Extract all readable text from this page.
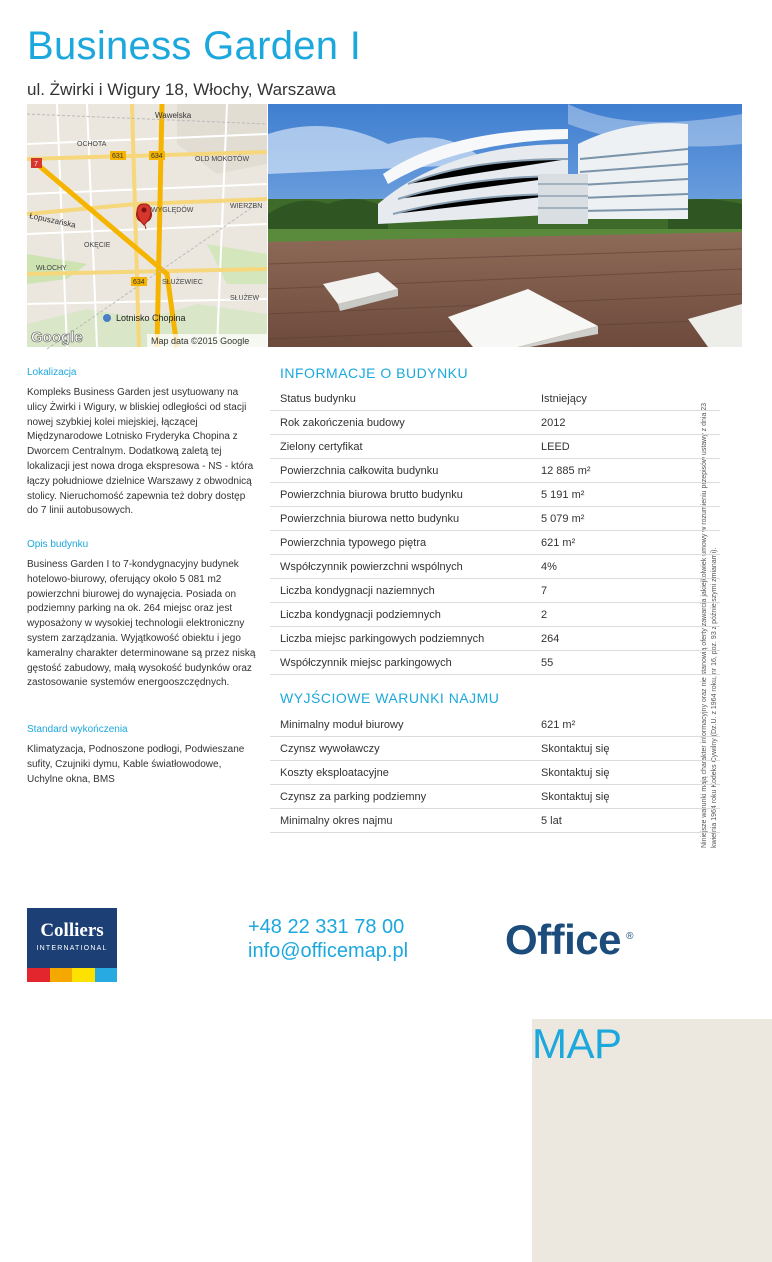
Business Garden I
ul. Żwirki i Wigury 18, Włochy, Warszawa
Wawelska
OCHOTA
631	634
7
OLD MOKOTÓW
Łopuszańska
WYGLĘDÓW
WIERZBN
OKĘCIE
WŁOCHY
634 SŁUŻEWIEC
SŁUŻEW
Lotnisko Chopina
Google	Map data ©2015 Google
Niniejsze warunki mają charakter informacyjny oraz nie stanowią oferty zawarcia jakiejkolwiek umowy w rozumieniu przepisów ustawy z dnia 23 kwietnia 1964 roku Kodeks Cywilny (Dz.U. z 1964 roku, nr 16, poz. 93 z późniejszymi zmianami).
Lokalizacja
Kompleks Business Garden jest usytuowany na ulicy Żwirki i Wigury, w bliskiej odległości od stacji nowej szybkiej kolei miejskiej, łączącej Międzynarodowe Lotnisko Fryderyka Chopina z Dworcem Centralnym. Dodatkową zaletą tej lokalizacji jest nowa droga ekspresowa - NS - która łączy południowe dzielnice Warszawy z obwodnicą stolicy. Nieruchomość zapewnia też dobry dostęp do 7 linii autobusowych.
Opis budynku
Business Garden I to 7-kondygnacyjny budynek hotelowo-biurowy, oferujący około 5 081 m2 powierzchni biurowej do wynajęcia. Posiada on podziemny parking na ok. 264 miejsc oraz jest wyposażony w wysokiej technologii elektroniczny system zarządzania. Wyjątkowość obiektu i jego kameralny charakter determinowane są przez niską gęstość zabudowy, małą wysokość budynków oraz zastosowanie systemów energooszczędnych.
Standard wykończenia
Klimatyzacja, Podnoszone podłogi, Podwieszane sufity, Czujniki dymu, Kable światłowodowe, Uchylne okna, BMS
INFORMACJE O BUDYNKU
Status budynku	Istniejący
Rok zakończenia budowy	2012
Zielony certyfikat	LEED
Powierzchnia całkowita budynku	12 885 m²
Powierzchnia biurowa brutto budynku	5 191 m²
Powierzchnia biurowa netto budynku	5 079 m²
Powierzchnia typowego piętra	621 m²
Współczynnik powierzchni wspólnych	4%
Liczba kondygnacji naziemnych	7
Liczba kondygnacji podziemnych	2
Liczba miejsc parkingowych podziemnych	264
Współczynnik miejsc parkingowych	55
WYJŚCIOWE WARUNKI NAJMU
Minimalny moduł biurowy	621 m²
Czynsz wywoławczy	Skontaktuj się
Koszty eksploatacyjne	Skontaktuj się
Czynsz za parking podziemny	Skontaktuj się
Minimalny okres najmu	5 lat
Colliers
INTERNATIONAL
+48 22 331 78 00
info@officemap.pl Office
MAP
®
